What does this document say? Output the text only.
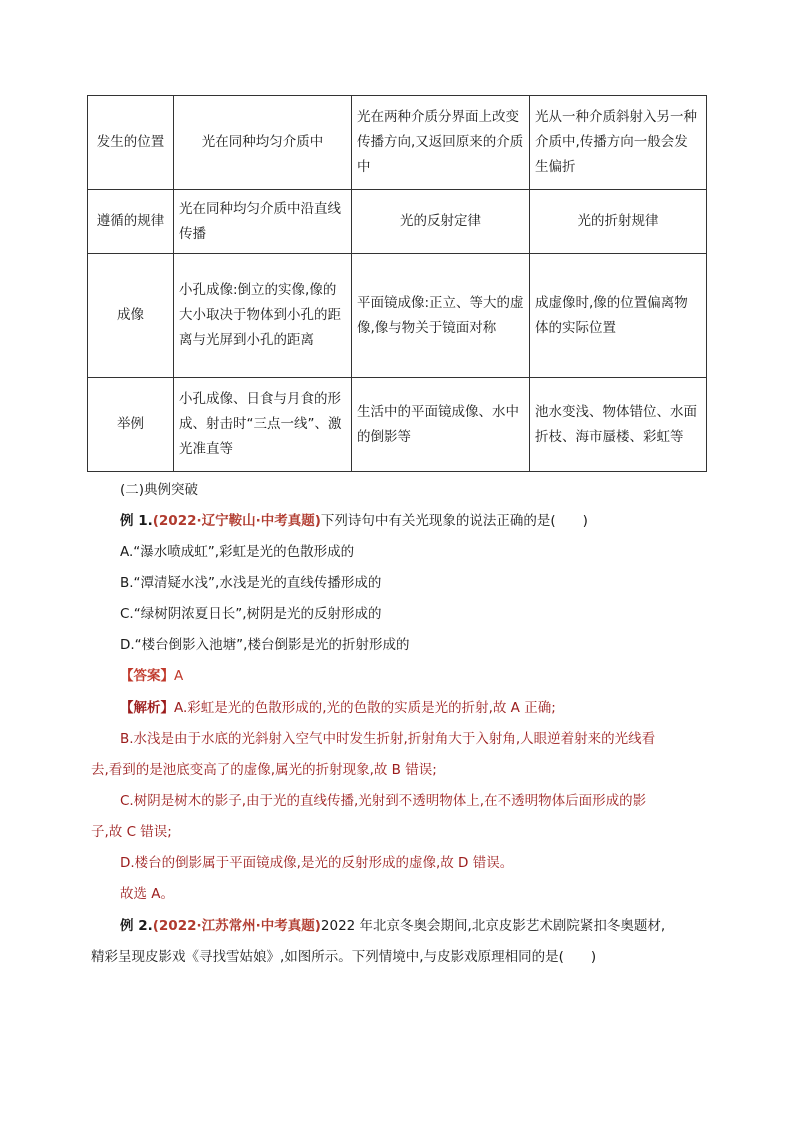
发生的位置	光在同种均匀介质中	光在两种介质分界面上改变传播方向,又返回原来的介质中	光从一种介质斜射入另一种介质中,传播方向一般会发生偏折
遵循的规律	光在同种均匀介质中沿直线传播	光的反射定律	光的折射规律
成像	小孔成像:倒立的实像,像的大小取决于物体到小孔的距离与光屏到小孔的距离	平面镜成像:正立、等大的虚像,像与物关于镜面对称	成虚像时,像的位置偏离物体的实际位置
举例	小孔成像、日食与月食的形成、射击时“三点一线”、激光准直等	生活中的平面镜成像、水中的倒影等	池水变浅、物体错位、水面折枝、海市蜃楼、彩虹等

(二)典例突破

例 1.(2022·辽宁鞍山·中考真题)下列诗句中有关光现象的说法正确的是(　　)

A.“瀑水喷成虹”,彩虹是光的色散形成的

B.“潭清疑水浅”,水浅是光的直线传播形成的

C.“绿树阴浓夏日长”,树阴是光的反射形成的

D.“楼台倒影入池塘”,楼台倒影是光的折射形成的

【答案】A

【解析】A.彩虹是光的色散形成的,光的色散的实质是光的折射,故 A 正确;

B.水浅是由于水底的光斜射入空气中时发生折射,折射角大于入射角,人眼逆着射来的光线看

去,看到的是池底变高了的虚像,属光的折射现象,故 B 错误;

C.树阴是树木的影子,由于光的直线传播,光射到不透明物体上,在不透明物体后面形成的影

子,故 C 错误;

D.楼台的倒影属于平面镜成像,是光的反射形成的虚像,故 D 错误。

故选 A。

例 2.(2022·江苏常州·中考真题)2022 年北京冬奥会期间,北京皮影艺术剧院紧扣冬奥题材,

精彩呈现皮影戏《寻找雪姑娘》,如图所示。下列情境中,与皮影戏原理相同的是(　　)
